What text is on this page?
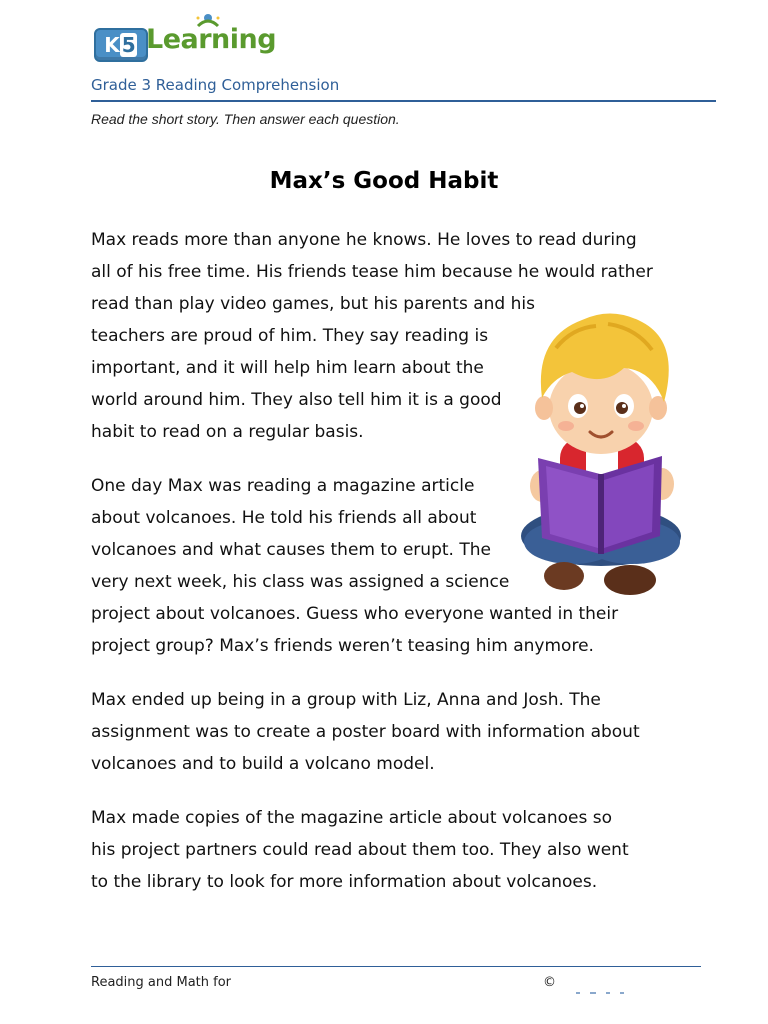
K 5 Learning
Grade 3 Reading Comprehension
Read the short story. Then answer each question.
Max’s Good Habit

Max reads more than anyone he knows. He loves to read during
all of his free time. His friends tease him because he would rather
read than play video games, but his parents and his
teachers are proud of him. They say reading is
important, and it will help him learn about the
world around him. They also tell him it is a good
habit to read on a regular basis.

One day Max was reading a magazine article
about volcanoes. He told his friends all about
volcanoes and what causes them to erupt. The
very next week, his class was assigned a science
project about volcanoes. Guess who everyone wanted in their
project group? Max’s friends weren’t teasing him anymore.

Max ended up being in a group with Liz, Anna and Josh. The
assignment was to create a poster board with information about
volcanoes and to build a volcano model.

Max made copies of the magazine article about volcanoes so
his project partners could read about them too. They also went
to the library to look for more information about volcanoes.

Reading and Math for	©
